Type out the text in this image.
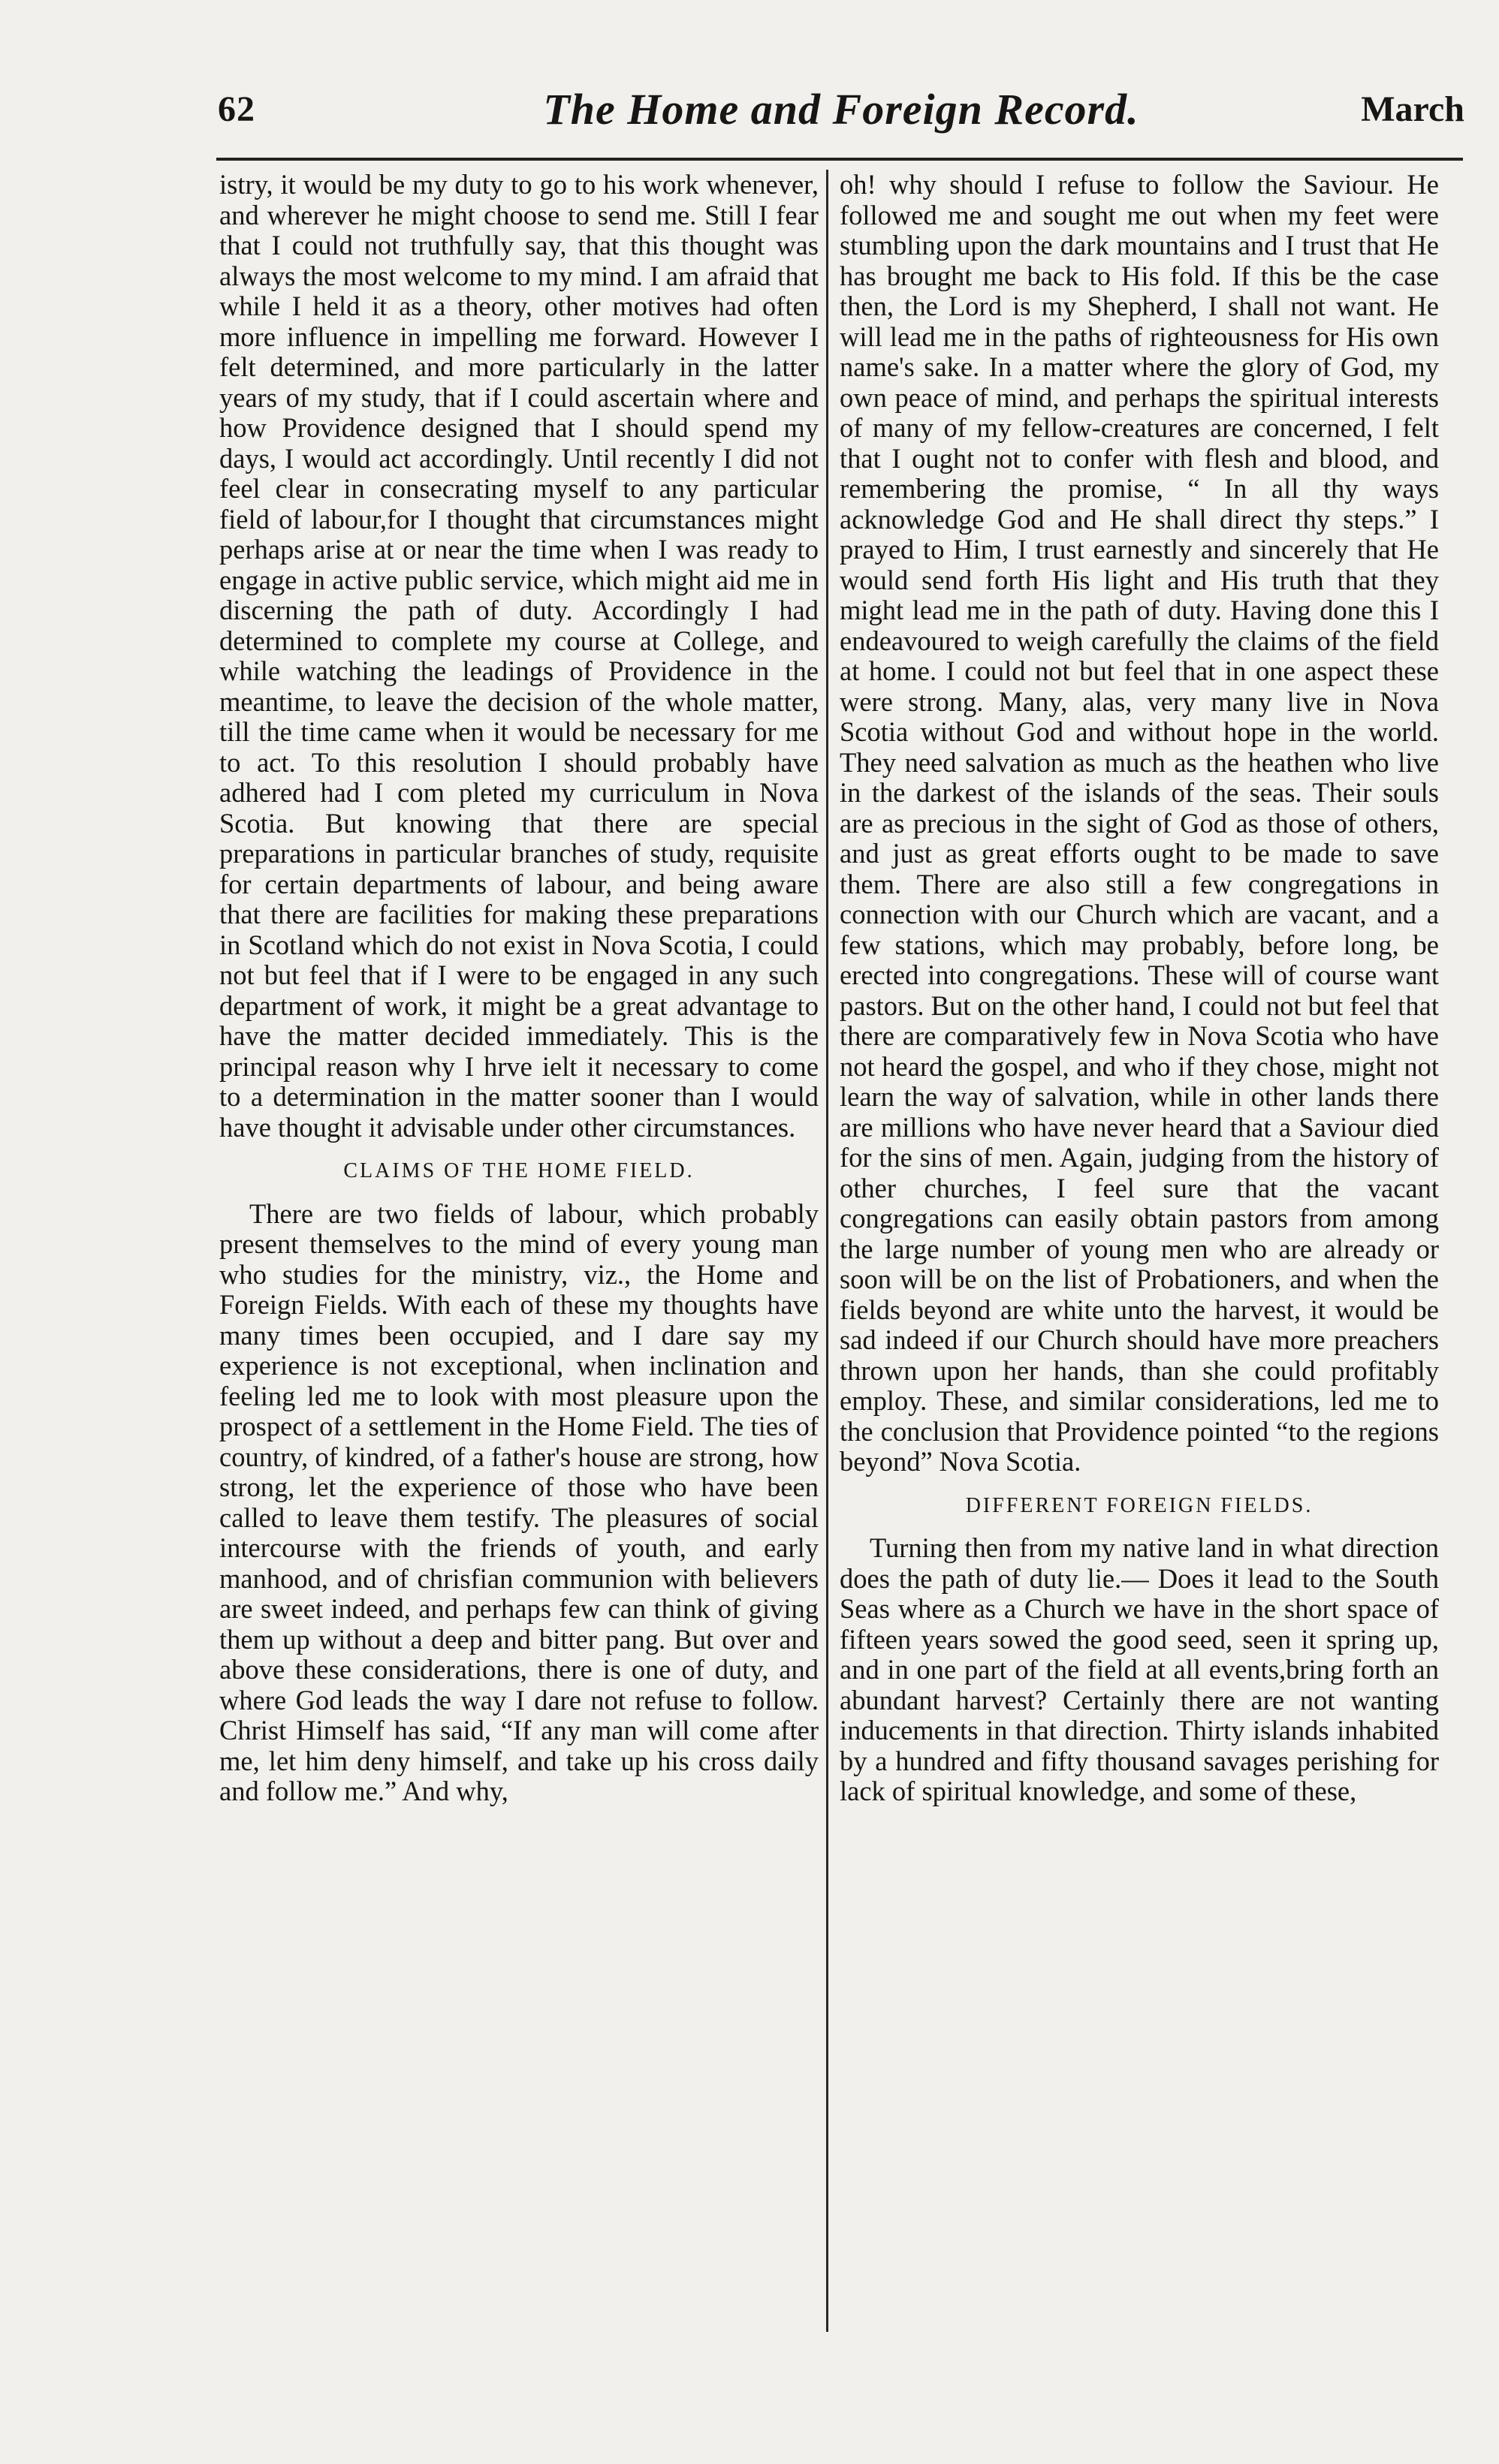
62	The Home and Foreign Record.	March

istry, it would be my duty to go to his work whenever, and wherever he might choose to send me. Still I fear that I could not truthfully say, that this thought was always the most welcome to my mind. I am afraid that while I held it as a theory, other motives had often more influence in impelling me forward. However I felt determined, and more particularly in the latter years of my study, that if I could ascertain where and how Providence designed that I should spend my days, I would act accordingly. Until recently I did not feel clear in consecrating myself to any particular field of labour,for I thought that circumstances might perhaps arise at or near the time when I was ready to engage in active public service, which might aid me in discerning the path of duty. Accordingly I had determined to complete my course at College, and while watching the leadings of Providence in the meantime, to leave the decision of the whole matter, till the time came when it would be necessary for me to act. To this resolution I should probably have adhered had I com pleted my curriculum in Nova Scotia. But knowing that there are special preparations in particular branches of study, requisite for certain departments of labour, and being aware that there are facilities for making these preparations in Scotland which do not exist in Nova Scotia, I could not but feel that if I were to be engaged in any such department of work, it might be a great advantage to have the matter decided immediately. This is the principal reason why I hrve ielt it necessary to come to a determination in the matter sooner than I would have thought it advisable under other circumstances.

CLAIMS OF THE HOME FIELD.

There are two fields of labour, which probably present themselves to the mind of every young man who studies for the ministry, viz., the Home and Foreign Fields. With each of these my thoughts have many times been occupied, and I dare say my experience is not exceptional, when inclination and feeling led me to look with most pleasure upon the prospect of a settlement in the Home Field. The ties of country, of kindred, of a father's house are strong, how strong, let the experience of those who have been called to leave them testify. The pleasures of social intercourse with the friends of youth, and early manhood, and of chrisfian communion with believers are sweet indeed, and perhaps few can think of giving them up without a deep and bitter pang. But over and above these considerations, there is one of duty, and where God leads the way I dare not refuse to follow. Christ Himself has said, “If any man will come after me, let him deny himself, and take up his cross daily and follow me.” And why,

oh! why should I refuse to follow the Saviour. He followed me and sought me out when my feet were stumbling upon the dark mountains and I trust that He has brought me back to His fold. If this be the case then, the Lord is my Shepherd, I shall not want. He will lead me in the paths of righteousness for His own name's sake. In a matter where the glory of God, my own peace of mind, and perhaps the spiritual interests of many of my fellow-creatures are concerned, I felt that I ought not to confer with flesh and blood, and remembering the promise, “ In all thy ways acknowledge God and He shall direct thy steps.” I prayed to Him, I trust earnestly and sincerely that He would send forth His light and His truth that they might lead me in the path of duty. Having done this I endeavoured to weigh carefully the claims of the field at home. I could not but feel that in one aspect these were strong. Many, alas, very many live in Nova Scotia without God and without hope in the world. They need salvation as much as the heathen who live in the darkest of the islands of the seas. Their souls are as precious in the sight of God as those of others, and just as great efforts ought to be made to save them. There are also still a few congregations in connection with our Church which are vacant, and a few stations, which may probably, before long, be erected into congregations. These will of course want pastors. But on the other hand, I could not but feel that there are comparatively few in Nova Scotia who have not heard the gospel, and who if they chose, might not learn the way of salvation, while in other lands there are millions who have never heard that a Saviour died for the sins of men. Again, judging from the history of other churches, I feel sure that the vacant congregations can easily obtain pastors from among the large number of young men who are already or soon will be on the list of Probationers, and when the fields beyond are white unto the harvest, it would be sad indeed if our Church should have more preachers thrown upon her hands, than she could profitably employ. These, and similar considerations, led me to the conclusion that Providence pointed “to the regions beyond” Nova Scotia.

DIFFERENT FOREIGN FIELDS.

Turning then from my native land in what direction does the path of duty lie.— Does it lead to the South Seas where as a Church we have in the short space of fifteen years sowed the good seed, seen it spring up, and in one part of the field at all events,bring forth an abundant harvest? Certainly there are not wanting inducements in that direction. Thirty islands inhabited by a hundred and fifty thousand savages perishing for lack of spiritual knowledge, and some of these,
